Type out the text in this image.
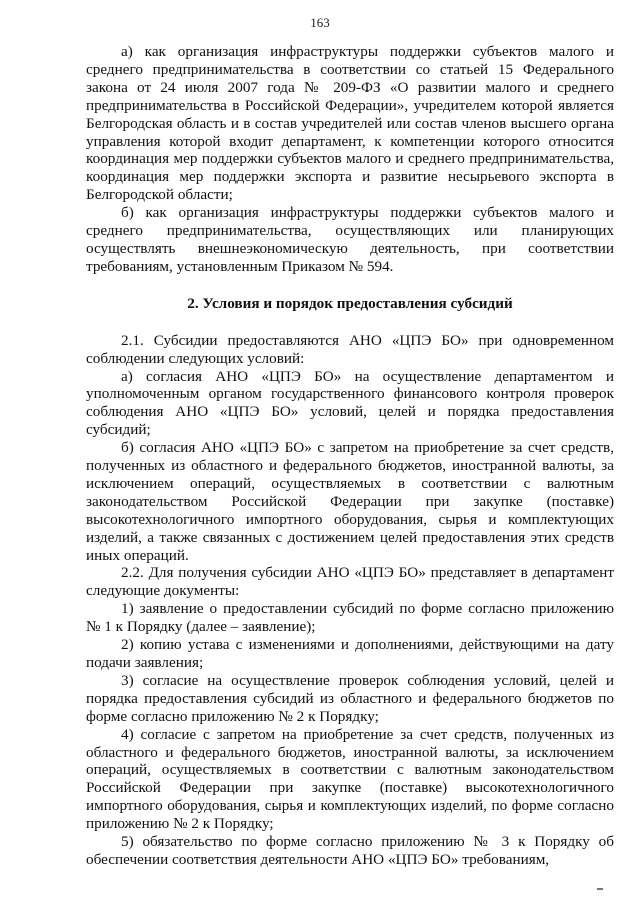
163

а) как организация инфраструктуры поддержки субъектов малого и среднего предпринимательства в соответствии со статьей 15 Федерального закона от 24 июля 2007 года № 209-ФЗ «О развитии малого и среднего предпринимательства в Российской Федерации», учредителем которой является Белгородская область и в состав учредителей или состав членов высшего органа управления которой входит департамент, к компетенции которого относится координация мер поддержки субъектов малого и среднего предпринимательства, координация мер поддержки экспорта и развитие несырьевого экспорта в Белгородской области;

б) как организация инфраструктуры поддержки субъектов малого и среднего предпринимательства, осуществляющих или планирующих осуществлять внешнеэкономическую деятельность, при соответствии требованиям, установленным Приказом № 594.

2. Условия и порядок предоставления субсидий

2.1. Субсидии предоставляются АНО «ЦПЭ БО» при одновременном соблюдении следующих условий:

а) согласия АНО «ЦПЭ БО» на осуществление департаментом и уполномоченным органом государственного финансового контроля проверок соблюдения АНО «ЦПЭ БО» условий, целей и порядка предоставления субсидий;

б) согласия АНО «ЦПЭ БО» с запретом на приобретение за счет средств, полученных из областного и федерального бюджетов, иностранной валюты, за исключением операций, осуществляемых в соответствии с валютным законодательством Российской Федерации при закупке (поставке) высокотехнологичного импортного оборудования, сырья и комплектующих изделий, а также связанных с достижением целей предоставления этих средств иных операций.

2.2. Для получения субсидии АНО «ЦПЭ БО» представляет в департамент следующие документы:

1) заявление о предоставлении субсидий по форме согласно приложению № 1 к Порядку (далее – заявление);

2) копию устава с изменениями и дополнениями, действующими на дату подачи заявления;

3) согласие на осуществление проверок соблюдения условий, целей и порядка предоставления субсидий из областного и федерального бюджетов по форме согласно приложению № 2 к Порядку;

4) согласие с запретом на приобретение за счет средств, полученных из областного и федерального бюджетов, иностранной валюты, за исключением операций, осуществляемых в соответствии с валютным законодательством Российской Федерации при закупке (поставке) высокотехнологичного импортного оборудования, сырья и комплектующих изделий, по форме согласно приложению № 2 к Порядку;

5) обязательство по форме согласно приложению № 3 к Порядку об обеспечении соответствия деятельности АНО «ЦПЭ БО» требованиям,
